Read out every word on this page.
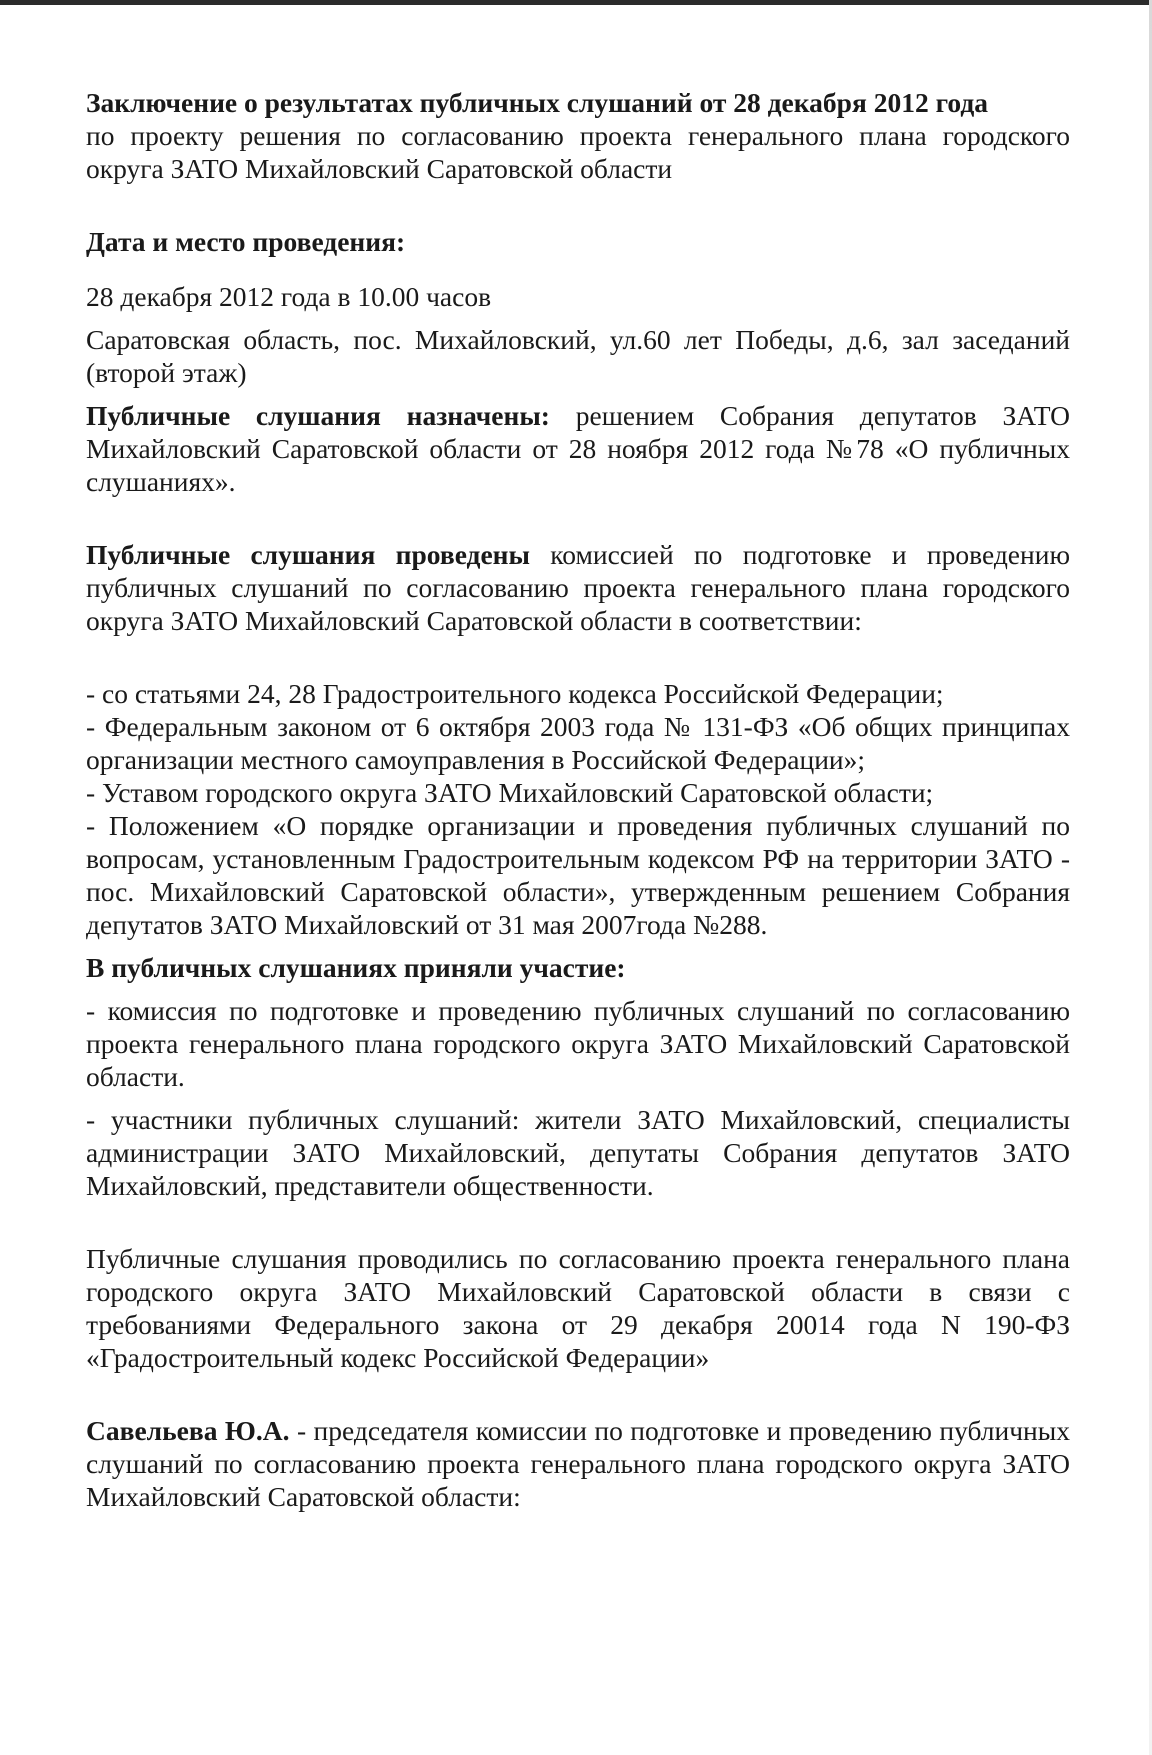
Заключение о результатах публичных слушаний от 28 декабря 2012 года
по проекту решения по согласованию проекта генерального плана городского округа ЗАТО Михайловский Саратовской области

Дата и место проведения:

28 декабря 2012 года в 10.00 часов

Саратовская область, пос. Михайловский, ул.60 лет Победы, д.6, зал заседаний (второй этаж)

Публичные слушания назначены: решением Собрания депутатов ЗАТО Михайловский Саратовской области от 28 ноября 2012 года №78 «О публичных слушаниях».

Публичные слушания проведены комиссией по подготовке и проведению публичных слушаний по согласованию проекта генерального плана городского округа ЗАТО Михайловский Саратовской области в соответствии:

- со статьями 24, 28 Градостроительного кодекса Российской Федерации;

- Федеральным законом от 6 октября 2003 года № 131-ФЗ «Об общих принципах организации местного самоуправления в Российской Федерации»;

- Уставом городского округа ЗАТО Михайловский Саратовской области;

- Положением «О порядке организации и проведения публичных слушаний по вопросам, установленным Градостроительным кодексом РФ на территории ЗАТО - пос. Михайловский Саратовской области», утвержденным решением Собрания депутатов ЗАТО Михайловский от 31 мая 2007года №288.

В публичных слушаниях приняли участие:

- комиссия по подготовке и проведению публичных слушаний по согласованию проекта генерального плана городского округа ЗАТО Михайловский Саратовской области.

- участники публичных слушаний: жители ЗАТО Михайловский, специалисты администрации ЗАТО Михайловский, депутаты Собрания депутатов ЗАТО Михайловский, представители общественности.

Публичные слушания проводились по согласованию проекта генерального плана городского округа ЗАТО Михайловский Саратовской области в связи с требованиями Федерального закона от 29 декабря 20014 года N 190-ФЗ «Градостроительный кодекс Российской Федерации»

Савельева Ю.А. - председателя комиссии по подготовке и проведению публичных слушаний по согласованию проекта генерального плана городского округа ЗАТО Михайловский Саратовской области:
